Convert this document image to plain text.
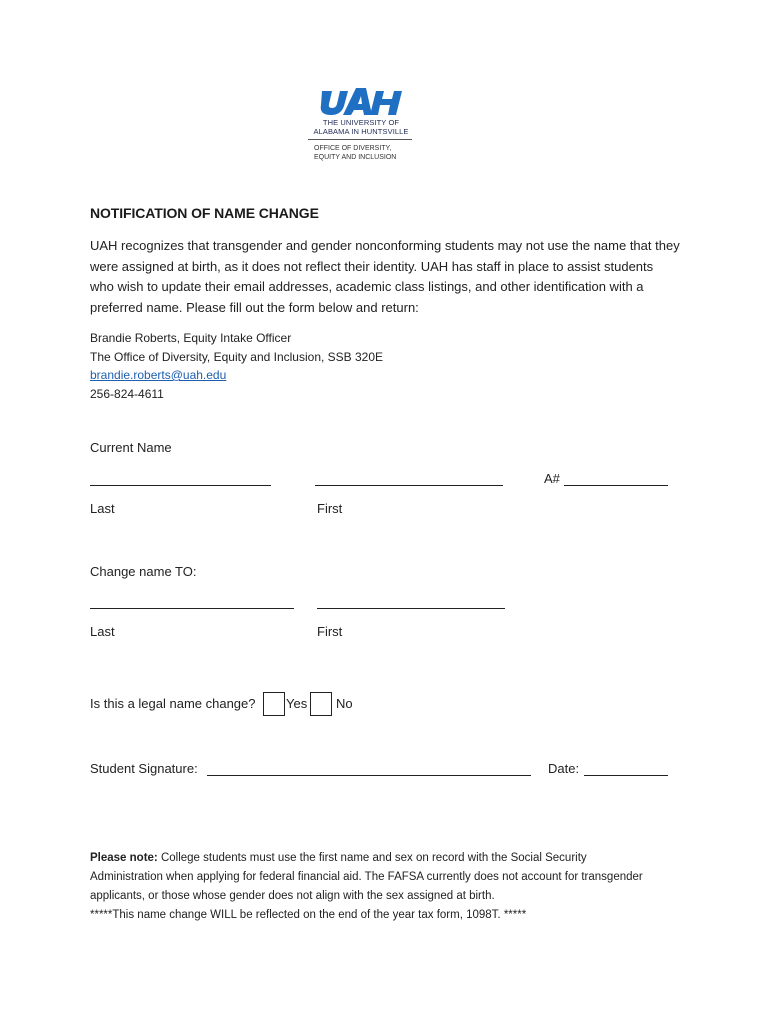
THE UNIVERSITY OF
ALABAMA IN HUNTSVILLE
OFFICE OF DIVERSITY,
EQUITY AND INCLUSION
NOTIFICATION OF NAME CHANGE
UAH recognizes that transgender and gender nonconforming students may not use the name that they were assigned at birth, as it does not reflect their identity. UAH has staff in place to assist students who wish to update their email addresses, academic class listings, and other identification with a preferred name. Please fill out the form below and return:
Brandie Roberts, Equity Intake Officer
The Office of Diversity, Equity and Inclusion, SSB 320E
brandie.roberts@uah.edu
256-824-4611
Current Name
A#
Last	First
Change name TO:
Last	First
Is this a legal name change? Yes No
Student Signature:	Date:
Please note: College students must use the first name and sex on record with the Social Security Administration when applying for federal financial aid. The FAFSA currently does not account for transgender applicants, or those whose gender does not align with the sex assigned at birth.
*****This name change WILL be reflected on the end of the year tax form, 1098T. *****
